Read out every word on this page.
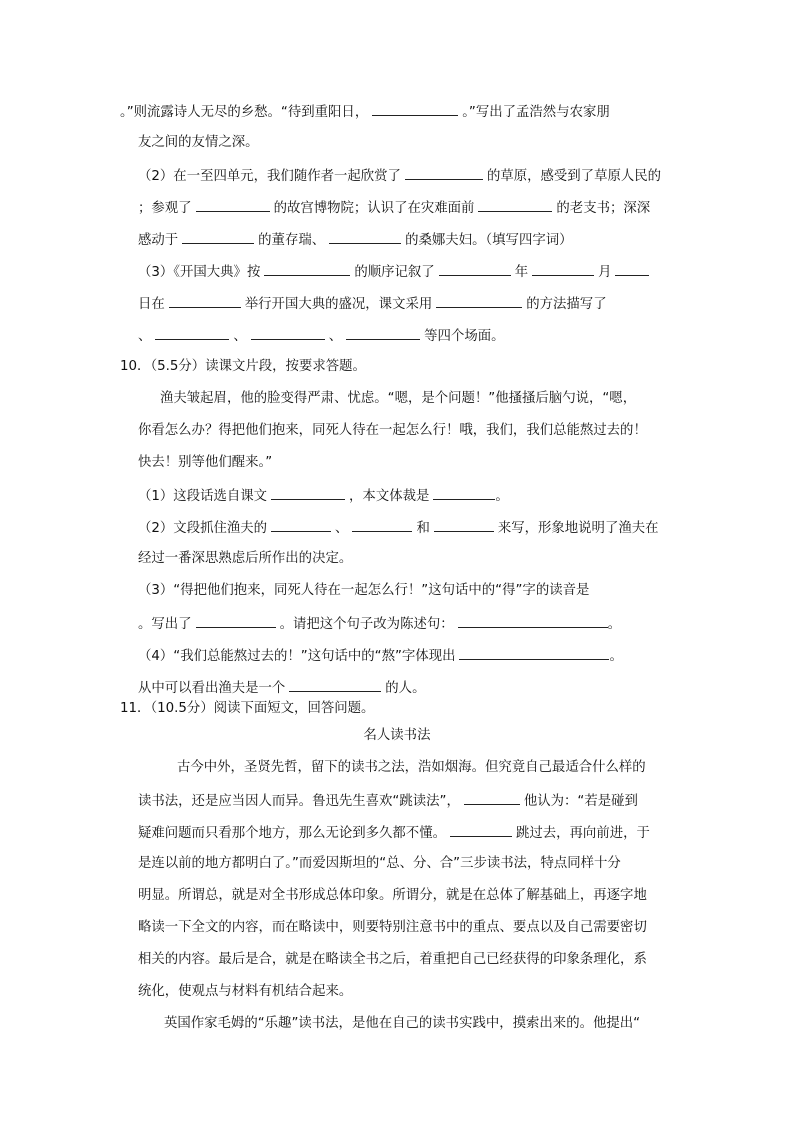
。”则流露诗人无尽的乡愁。“待到重阳日，	。”写出了孟浩然与农家朋
友之间的友情之深。
（2）在一至四单元，我们随作者一起欣赏了	的草原，感受到了草原人民的
；参观了	的故宫博物院；认识了在灾难面前	的老支书；深深
感动于	的董存瑞、	的桑娜夫妇。（填写四字词）
（3）《开国大典》按	的顺序记叙了	年	月
日在	举行开国大典的盛况，课文采用	的方法描写了
、	、	、	等四个场面。
10．（5.5分）读课文片段，按要求答题。
渔夫皱起眉，他的脸变得严肃、忧虑。“嗯，是个问题！”他搔搔后脑勺说，“嗯，
你看怎么办？得把他们抱来，同死人待在一起怎么行！哦，我们，我们总能熬过去的！
快去！别等他们醒来。”
（1）这段话选自课文	，本文体裁是	。
（2）文段抓住渔夫的	、	和	来写，形象地说明了渔夫在
经过一番深思熟虑后所作出的决定。
（3）“得把他们抱来，同死人待在一起怎么行！”这句话中的“得”字的读音是
。写出了	。请把这个句子改为陈述句：	。
（4）“我们总能熬过去的！”这句话中的“熬”字体现出	。
从中可以看出渔夫是一个	的人。
11．（10.5分）阅读下面短文，回答问题。
名人读书法
古今中外，圣贤先哲，留下的读书之法，浩如烟海。但究竟自己最适合什么样的
读书法，还是应当因人而异。鲁迅先生喜欢“跳读法”，	他认为：“若是碰到
疑难问题而只看那个地方，那么无论到多久都不懂。	跳过去，再向前进，于
是连以前的地方都明白了。”而爱因斯坦的“总、分、合”三步读书法，特点同样十分
明显。所谓总，就是对全书形成总体印象。所谓分，就是在总体了解基础上，再逐字地
略读一下全文的内容，而在略读中，则要特别注意书中的重点、要点以及自己需要密切
相关的内容。最后是合，就是在略读全书之后，着重把自己已经获得的印象条理化，系
统化，使观点与材料有机结合起来。
英国作家毛姆的“乐趣”读书法，是他在自己的读书实践中，摸索出来的。他提出“
